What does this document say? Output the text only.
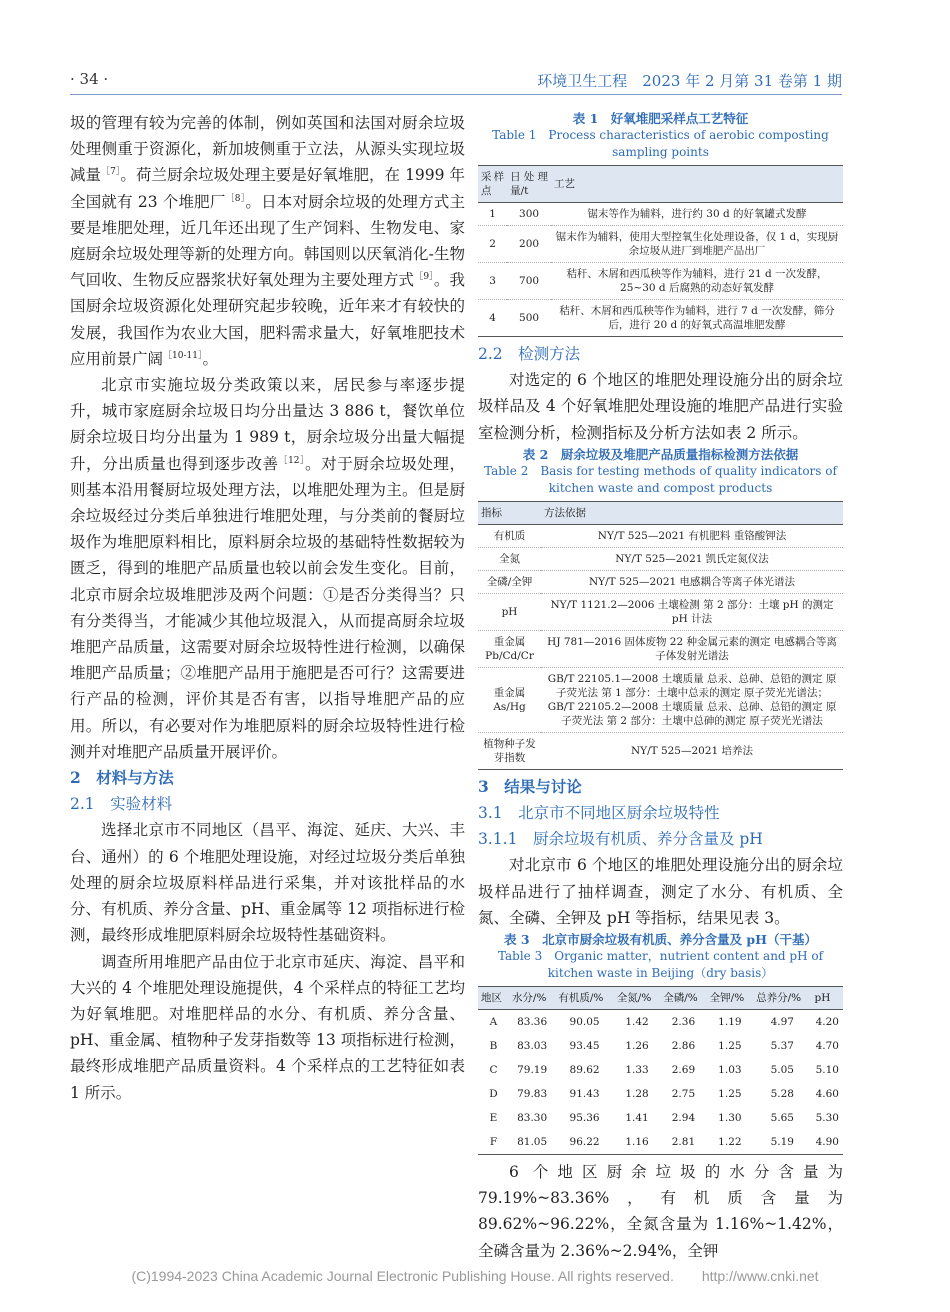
· 34 ·	环境卫生工程　2023 年 2 月第 31 卷第 1 期

圾的管理有较为完善的体制，例如英国和法国对厨余垃圾处理侧重于资源化，新加坡侧重于立法，从源头实现垃圾减量$^{[7]}$。荷兰厨余垃圾处理主要是好氧堆肥，在 1999 年全国就有 23 个堆肥厂$^{[8]}$。日本对厨余垃圾的处理方式主要是堆肥处理，近几年还出现了生产饲料、生物发电、家庭厨余垃圾处理等新的处理方向。韩国则以厌氧消化-生物气回收、生物反应器浆状好氧处理为主要处理方式$^{[9]}$。我国厨余垃圾资源化处理研究起步较晚，近年来才有较快的发展，我国作为农业大国，肥料需求量大，好氧堆肥技术应用前景广阔$^{[10-11]}$。

北京市实施垃圾分类政策以来，居民参与率逐步提升，城市家庭厨余垃圾日均分出量达 3 886 t，餐饮单位厨余垃圾日均分出量为 1 989 t，厨余垃圾分出量大幅提升，分出质量也得到逐步改善$^{[12]}$。对于厨余垃圾处理，则基本沿用餐厨垃圾处理方法，以堆肥处理为主。但是厨余垃圾经过分类后单独进行堆肥处理，与分类前的餐厨垃圾作为堆肥原料相比，原料厨余垃圾的基础特性数据较为匮乏，得到的堆肥产品质量也较以前会发生变化。目前，北京市厨余垃圾堆肥涉及两个问题：①是否分类得当？只有分类得当，才能减少其他垃圾混入，从而提高厨余垃圾堆肥产品质量，这需要对厨余垃圾特性进行检测，以确保堆肥产品质量；②堆肥产品用于施肥是否可行？这需要进行产品的检测，评价其是否有害，以指导堆肥产品的应用。所以，有必要对作为堆肥原料的厨余垃圾特性进行检测并对堆肥产品质量开展评价。

2　材料与方法

2.1　实验材料

选择北京市不同地区（昌平、海淀、延庆、大兴、丰台、通州）的 6 个堆肥处理设施，对经过垃圾分类后单独处理的厨余垃圾原料样品进行采集，并对该批样品的水分、有机质、养分含量、pH、重金属等 12 项指标进行检测，最终形成堆肥原料厨余垃圾特性基础资料。

调查所用堆肥产品由位于北京市延庆、海淀、昌平和大兴的 4 个堆肥处理设施提供，4 个采样点的特征工艺均为好氧堆肥。对堆肥样品的水分、有机质、养分含量、pH、重金属、植物种子发芽指数等 13 项指标进行检测，最终形成堆肥产品质量资料。4 个采样点的工艺特征如表 1 所示。

表 1　好氧堆肥采样点工艺特征

Table 1　Process characteristics of aerobic composting sampling points

采样点	日处理量/t	工艺
1	300	锯末等作为辅料，进行约 30 d 的好氧罐式发酵
2	200	锯末作为辅料，使用大型控氧生化处理设备，仅 1 d，实现厨余垃圾从进厂到堆肥产品出厂
3	700	秸秆、木屑和西瓜秧等作为辅料，进行 21 d 一次发酵，25~30 d 后腐熟的动态好氧发酵
4	500	秸秆、木屑和西瓜秧等作为辅料，进行 7 d 一次发酵，筛分后，进行 20 d 的好氧式高温堆肥发酵

2.2　检测方法

对选定的 6 个地区的堆肥处理设施分出的厨余垃圾样品及 4 个好氧堆肥处理设施的堆肥产品进行实验室检测分析，检测指标及分析方法如表 2 所示。

表 2　厨余垃圾及堆肥产品质量指标检测方法依据

Table 2　Basis for testing methods of quality indicators of kitchen waste and compost products

指标	方法依据
有机质	NY/T 525—2021 有机肥料 重铬酸钾法
全氮	NY/T 525—2021 凯氏定氮仪法
全磷/全钾	NY/T 525—2021 电感耦合等离子体光谱法
pH	NY/T 1121.2—2006 土壤检测 第 2 部分：土壤 pH 的测定 pH 计法
重金属 Pb/Cd/Cr	HJ 781—2016 固体废物 22 种金属元素的测定 电感耦合等离子体发射光谱法
重金属 As/Hg	GB/T 22105.1—2008 土壤质量 总汞、总砷、总铅的测定 原子荧光法 第 1 部分：土壤中总汞的测定 原子荧光光谱法；GB/T 22105.2—2008 土壤质量 总汞、总砷、总铅的测定 原子荧光法 第 2 部分：土壤中总砷的测定 原子荧光光谱法
植物种子发芽指数	NY/T 525—2021 培养法

3　结果与讨论

3.1　北京市不同地区厨余垃圾特性

3.1.1　厨余垃圾有机质、养分含量及 pH

对北京市 6 个地区的堆肥处理设施分出的厨余垃圾样品进行了抽样调查，测定了水分、有机质、全氮、全磷、全钾及 pH 等指标，结果见表 3。

表 3　北京市厨余垃圾有机质、养分含量及 pH（干基）

Table 3　Organic matter，nutrient content and pH of kitchen waste in Beijing（dry basis）

地区	水分/%	有机质/%	全氮/%	全磷/%	全钾/%	总养分/%	pH
A	83.36	90.05	1.42	2.36	1.19	4.97	4.20
B	83.03	93.45	1.26	2.86	1.25	5.37	4.70
C	79.19	89.62	1.33	2.69	1.03	5.05	5.10
D	79.83	91.43	1.28	2.75	1.25	5.28	4.60
E	83.30	95.36	1.41	2.94	1.30	5.65	5.30
F	81.05	96.22	1.16	2.81	1.22	5.19	4.90

6 个地区厨余垃圾的水分含量为 79.19%~83.36%，有机质含量为 89.62%~96.22%，全氮含量为 1.16%~1.42%，全磷含量为 2.36%~2.94%，全钾

(C)1994-2023 China Academic Journal Electronic Publishing House. All rights reserved.　　http://www.cnki.net
